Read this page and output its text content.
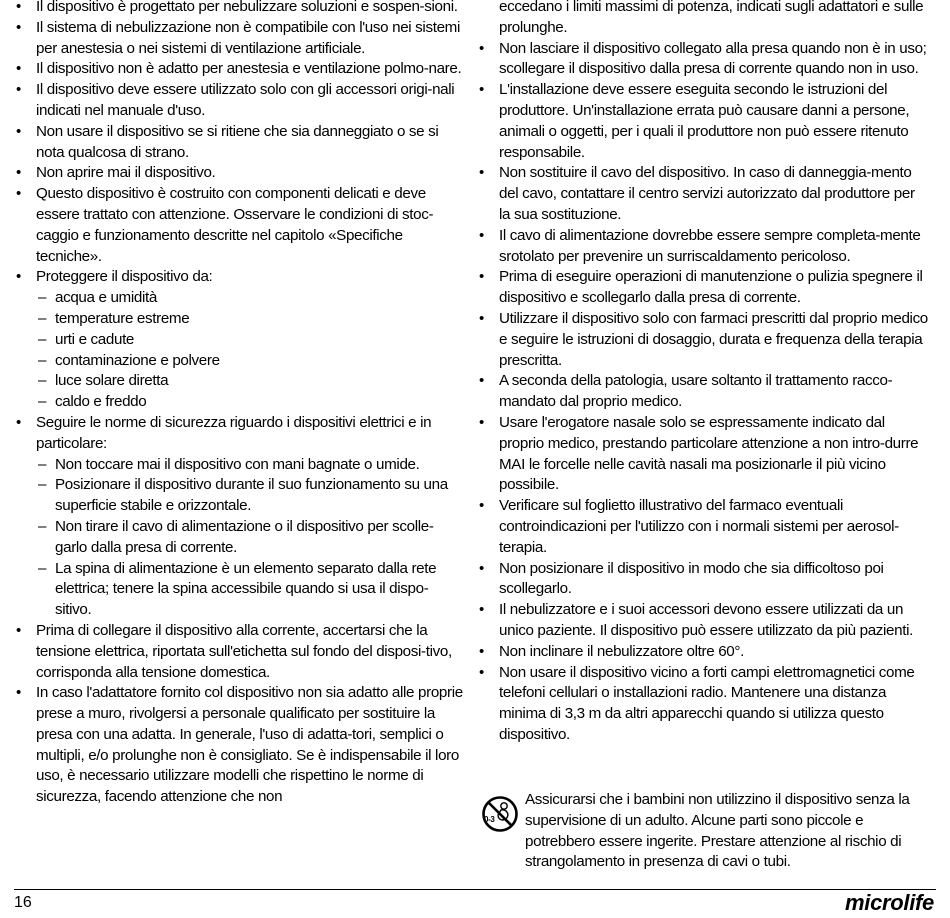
• Il dispositivo è progettato per nebulizzare soluzioni e sospen-sioni.
• Il sistema di nebulizzazione non è compatibile con l'uso nei sistemi per anestesia o nei sistemi di ventilazione artificiale.
• Il dispositivo non è adatto per anestesia e ventilazione polmo-nare.
• Il dispositivo deve essere utilizzato solo con gli accessori origi-nali indicati nel manuale d'uso.
• Non usare il dispositivo se si ritiene che sia danneggiato o se si nota qualcosa di strano.
• Non aprire mai il dispositivo.
• Questo dispositivo è costruito con componenti delicati e deve essere trattato con attenzione. Osservare le condizioni di stoc-caggio e funzionamento descritte nel capitolo «Specifiche tecniche».
• Proteggere il dispositivo da:
– acqua e umidità
– temperature estreme
– urti e cadute
– contaminazione e polvere
– luce solare diretta
– caldo e freddo
• Seguire le norme di sicurezza riguardo i dispositivi elettrici e in particolare:
– Non toccare mai il dispositivo con mani bagnate o umide.
– Posizionare il dispositivo durante il suo funzionamento su una superficie stabile e orizzontale.
– Non tirare il cavo di alimentazione o il dispositivo per scolle-garlo dalla presa di corrente.
– La spina di alimentazione è un elemento separato dalla rete elettrica; tenere la spina accessibile quando si usa il dispo-sitivo.
• Prima di collegare il dispositivo alla corrente, accertarsi che la tensione elettrica, riportata sull'etichetta sul fondo del disposi-tivo, corrisponda alla tensione domestica.
• In caso l'adattatore fornito col dispositivo non sia adatto alle proprie prese a muro, rivolgersi a personale qualificato per sostituire la presa con una adatta. In generale, l'uso di adatta-tori, semplici o multipli, e/o prolunghe non è consigliato. Se è indispensabile il loro uso, è necessario utilizzare modelli che rispettino le norme di sicurezza, facendo attenzione che non
eccedano i limiti massimi di potenza, indicati sugli adattatori e sulle prolunghe.
• Non lasciare il dispositivo collegato alla presa quando non è in uso; scollegare il dispositivo dalla presa di corrente quando non in uso.
• L'installazione deve essere eseguita secondo le istruzioni del produttore. Un'installazione errata può causare danni a persone, animali o oggetti, per i quali il produttore non può essere ritenuto responsabile.
• Non sostituire il cavo del dispositivo. In caso di danneggia-mento del cavo, contattare il centro servizi autorizzato dal produttore per la sua sostituzione.
• Il cavo di alimentazione dovrebbe essere sempre completa-mente srotolato per prevenire un surriscaldamento pericoloso.
• Prima di eseguire operazioni di manutenzione o pulizia spegnere il dispositivo e scollegarlo dalla presa di corrente.
• Utilizzare il dispositivo solo con farmaci prescritti dal proprio medico e seguire le istruzioni di dosaggio, durata e frequenza della terapia prescritta.
• A seconda della patologia, usare soltanto il trattamento racco-mandato dal proprio medico.
• Usare l'erogatore nasale solo se espressamente indicato dal proprio medico, prestando particolare attenzione a non intro-durre MAI le forcelle nelle cavità nasali ma posizionarle il più vicino possibile.
• Verificare sul foglietto illustrativo del farmaco eventuali controindicazioni per l'utilizzo con i normali sistemi per aerosol-terapia.
• Non posizionare il dispositivo in modo che sia difficoltoso poi scollegarlo.
• Il nebulizzatore e i suoi accessori devono essere utilizzati da un unico paziente. Il dispositivo può essere utilizzato da più pazienti.
• Non inclinare il nebulizzatore oltre 60°.
• Non usare il dispositivo vicino a forti campi elettromagnetici come telefoni cellulari o installazioni radio. Mantenere una distanza minima di 3,3 m da altri apparecchi quando si utilizza questo dispositivo.
0-3
Assicurarsi che i bambini non utilizzino il dispositivo senza la supervisione di un adulto. Alcune parti sono piccole e potrebbero essere ingerite. Prestare attenzione al rischio di strangolamento in presenza di cavi o tubi.
16	microlife
